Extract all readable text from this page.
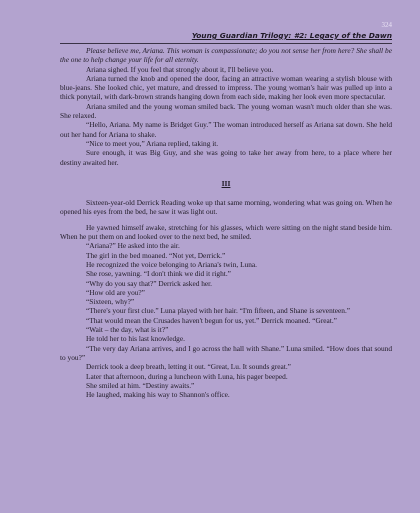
324
Young Guardian Trilogy: #2: Legacy of the Dawn

Please believe me, Ariana. This woman is compassionate; do you not sense her from here? She shall be the one to help change your life for all eternity.

Ariana sighed. If you feel that strongly about it, I'll believe you.

Ariana turned the knob and opened the door, facing an attractive woman wearing a stylish blouse with blue-jeans. She looked chic, yet mature, and dressed to impress. The young woman's hair was pulled up into a thick ponytail, with dark-brown strands hanging down from each side, making her look even more spectacular.

Ariana smiled and the young woman smiled back. The young woman wasn't much older than she was. She relaxed.

“Hello, Ariana. My name is Bridget Guy.” The woman introduced herself as Ariana sat down. She held out her hand for Ariana to shake.

“Nice to meet you,” Ariana replied, taking it.

Sure enough, it was Big Guy, and she was going to take her away from here, to a place where her destiny awaited her.

III

Sixteen-year-old Derrick Reading woke up that same morning, wondering what was going on. When he opened his eyes from the bed, he saw it was light out.

He yawned himself awake, stretching for his glasses, which were sitting on the night stand beside him. When he put them on and looked over to the next bed, he smiled.

“Ariana?” He asked into the air.

The girl in the bed moaned. “Not yet, Derrick.”

He recognized the voice belonging to Ariana's twin, Luna.

She rose, yawning. “I don't think we did it right.”

“Why do you say that?” Derrick asked her.

“How old are you?”

“Sixteen, why?”

“There's your first clue.” Luna played with her hair. “I'm fifteen, and Shane is seventeen.”

“That would mean the Crusades haven't begun for us, yet.” Derrick moaned. “Great.”

“Wait – the day, what is it?”

He told her to his last knowledge.

“The very day Ariana arrives, and I go across the hall with Shane.” Luna smiled. “How does that sound to you?”

Derrick took a deep breath, letting it out. “Great, Lu. It sounds great.”

Later that afternoon, during a luncheon with Luna, his pager beeped.

She smiled at him. “Destiny awaits.”

He laughed, making his way to Shannon's office.
